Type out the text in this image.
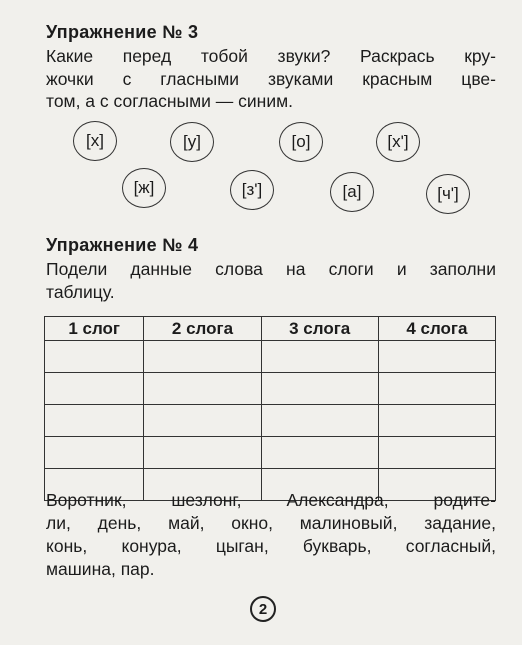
Упражнение № 3
Какие перед тобой звуки? Раскрась кру-
жочки с гласными звуками красным цве-
том, а с согласными — синим.
[х]	[у]	[о]	[х']
[ж]	[з']	[а]	[ч']
Упражнение № 4
Подели данные слова на слоги и заполни
таблицу.
1 слог	2 слога	3 слога	4 слога

Воротник, шезлонг, Александра, родите-
ли, день, май, окно, малиновый, задание,
конь, конура, цыган, букварь, согласный,
машина, пар.
2
